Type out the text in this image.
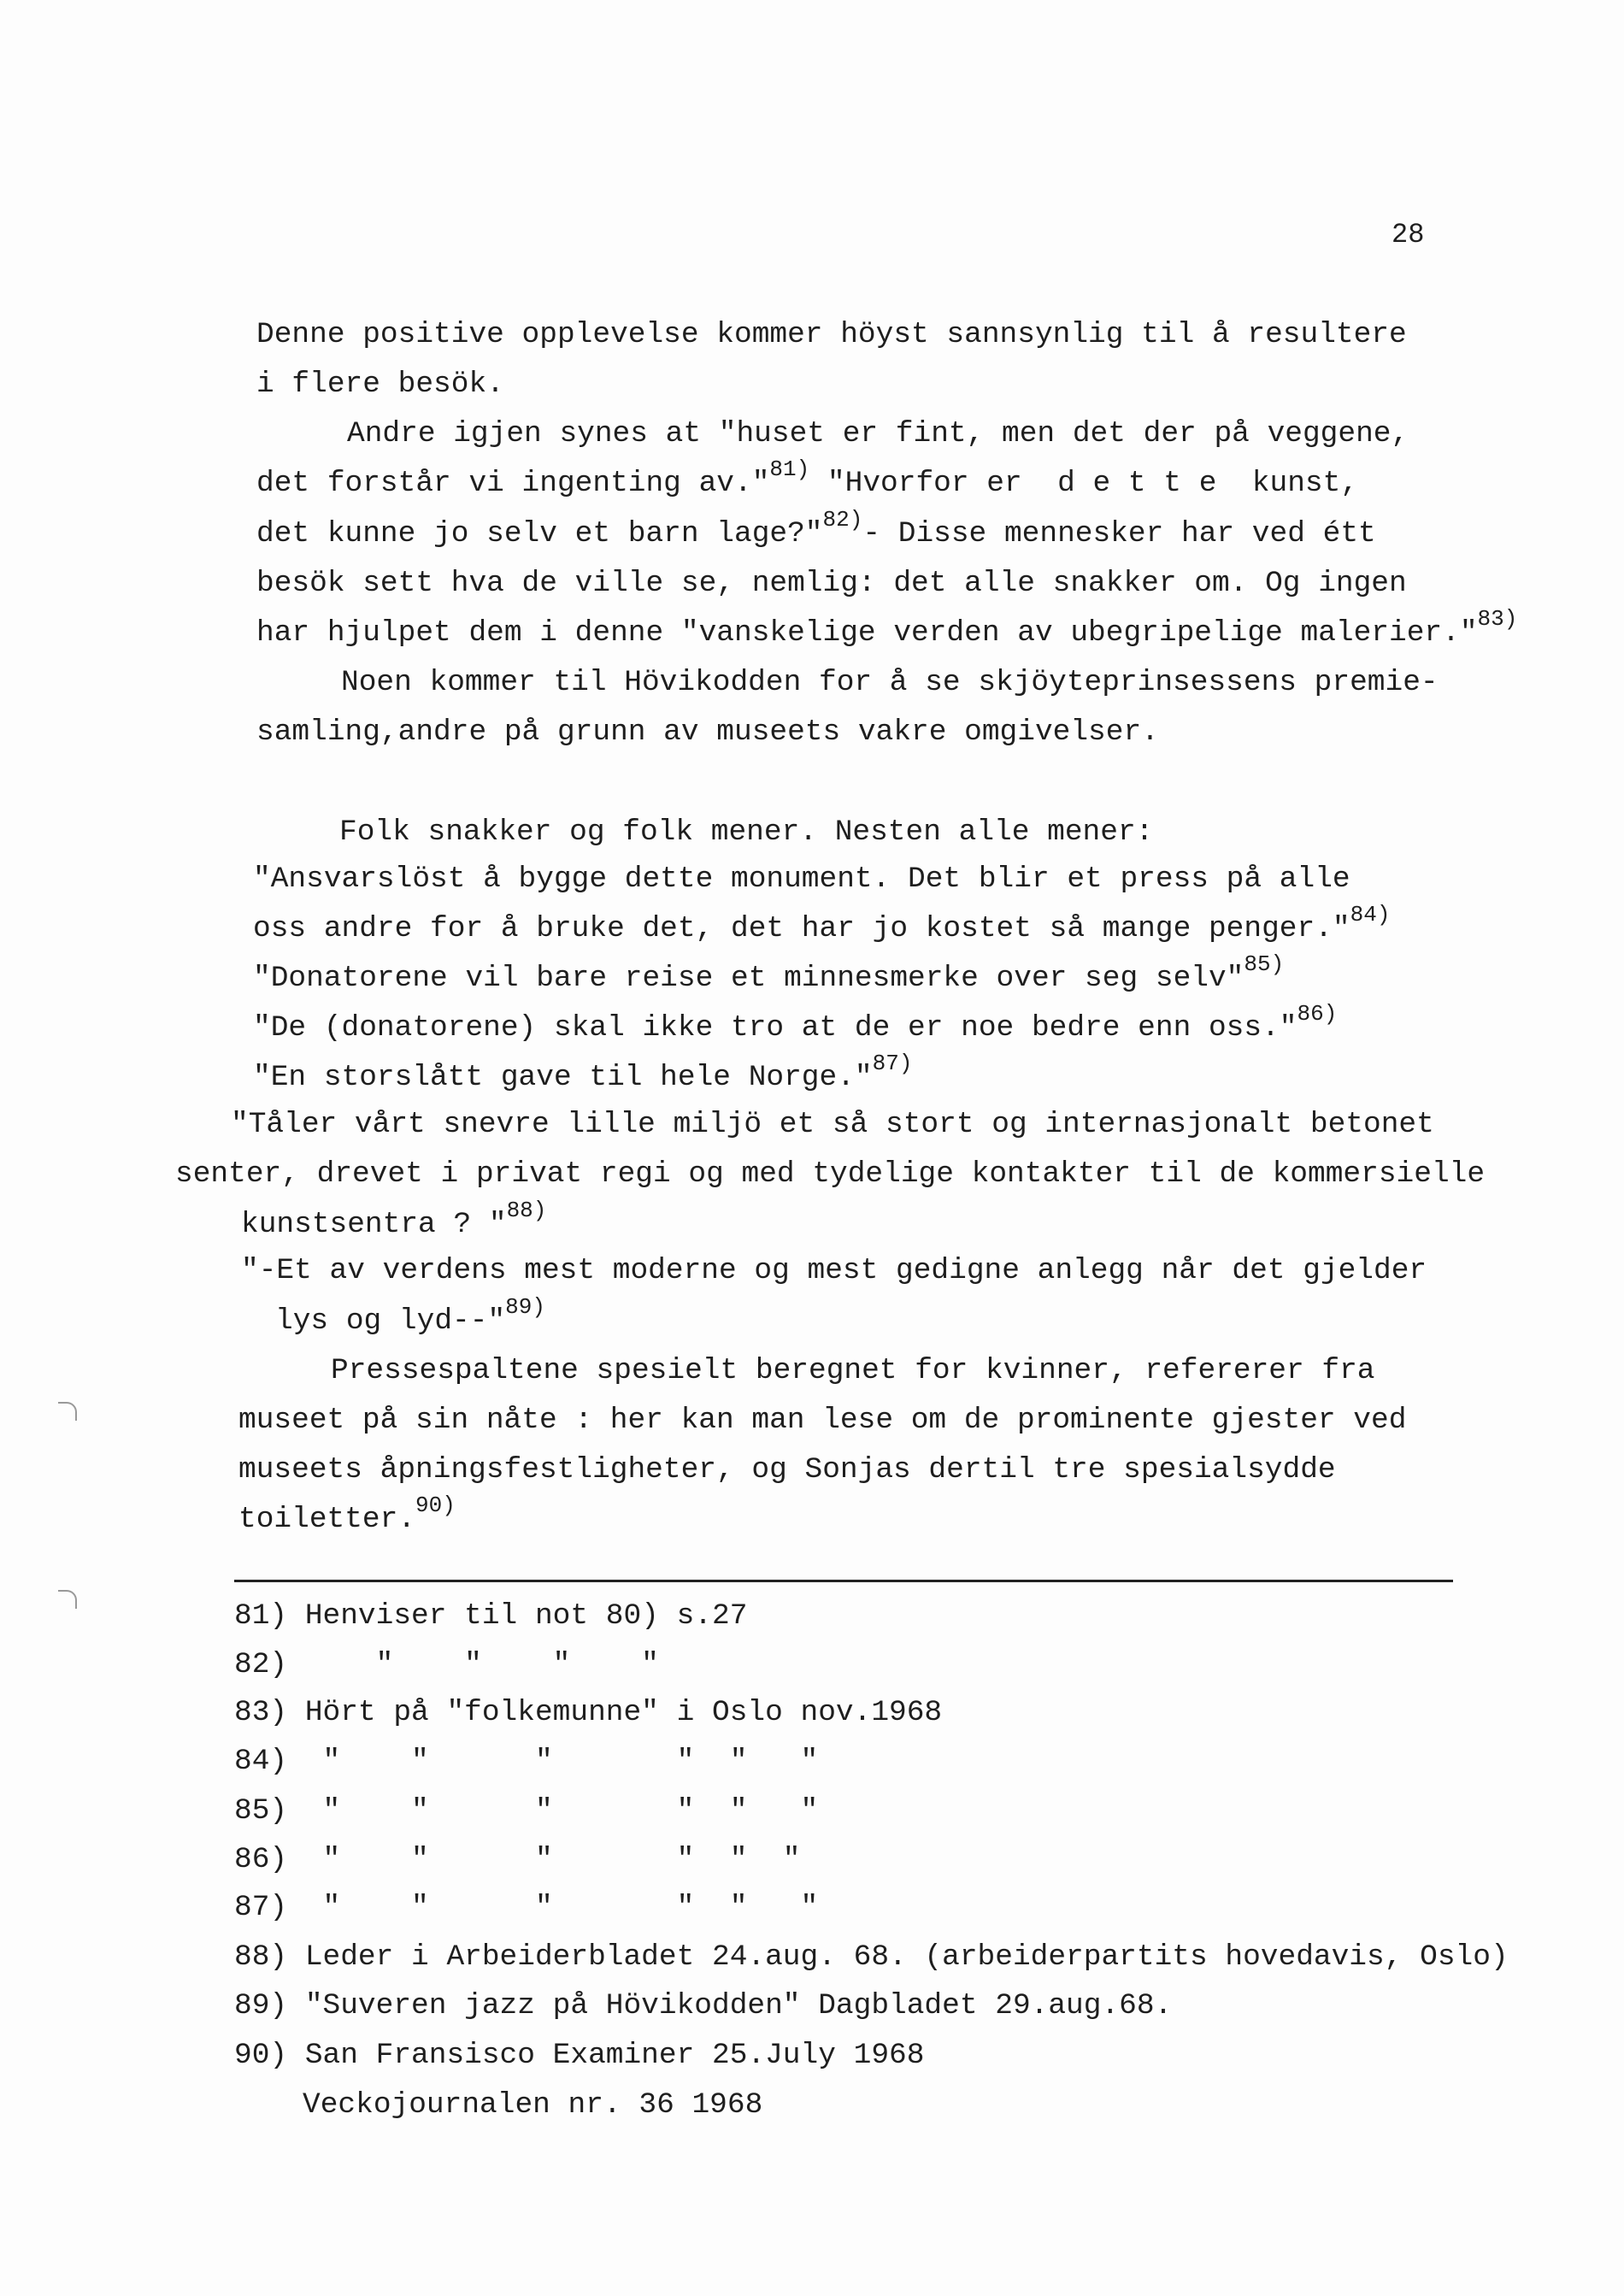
28
Denne positive opplevelse kommer höyst sannsynlig til å resultere
i flere besök.
Andre igjen synes at "huset er fint, men det der på veggene,
det forstår vi ingenting av."$^{81)}$ "Hvorfor er  d e t t e  kunst,
det kunne jo selv et barn lage?"$^{82)}$- Disse mennesker har ved étt
besök sett hva de ville se, nemlig: det alle snakker om. Og ingen
har hjulpet dem i denne "vanskelige verden av ubegripelige malerier."$^{83)}$
Noen kommer til Hövikodden for å se skjöyteprinsessens premie-
samling,andre på grunn av museets vakre omgivelser.
Folk snakker og folk mener. Nesten alle mener:
"Ansvarslöst å bygge dette monument. Det blir et press på alle
oss andre for å bruke det, det har jo kostet så mange penger."$^{84)}$
"Donatorene vil bare reise et minnesmerke over seg selv"$^{85)}$
"De (donatorene) skal ikke tro at de er noe bedre enn oss."$^{86)}$
"En storslått gave til hele Norge."$^{87)}$
"Tåler vårt snevre lille miljö et så stort og internasjonalt betonet
senter, drevet i privat regi og med tydelige kontakter til de kommersielle
kunstsentra ? "$^{88)}$
"-Et av verdens mest moderne og mest gedigne anlegg når det gjelder
lys og lyd--"$^{89)}$
Pressespaltene spesielt beregnet for kvinner, refererer fra
museet på sin nåte : her kan man lese om de prominente gjester ved
museets åpningsfestligheter, og Sonjas dertil tre spesialsydde
toiletter.$^{90)}$
81) Henviser til not 80) s.27
82)     "    "    "    "
83) Hört på "folkemunne" i Oslo nov.1968
84)  "    "      "       "  "   "
85)  "    "      "       "  "   "
86)  "    "      "       "  "  "
87)  "    "      "       "  "   "
88) Leder i Arbeiderbladet 24.aug. 68. (arbeiderpartits hovedavis, Oslo)
89) "Suveren jazz på Hövikodden" Dagbladet 29.aug.68.
90) San Fransisco Examiner 25.July 1968
Veckojournalen nr. 36 1968
